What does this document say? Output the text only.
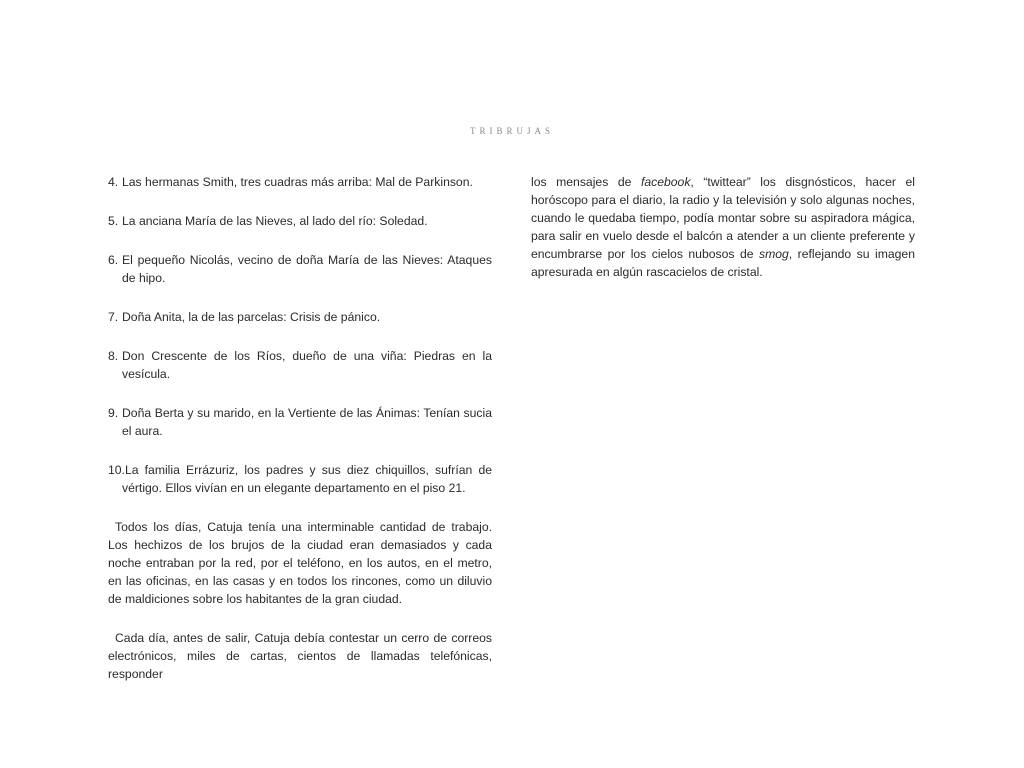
TRIBRUJAS

4. Las hermanas Smith, tres cuadras más arriba: Mal de Parkinson.

5. La anciana María de las Nieves, al lado del río: Soledad.

6. El pequeño Nicolás, vecino de doña María de las Nieves: Ataques de hipo.

7. Doña Anita, la de las parcelas: Crisis de pánico.

8. Don Crescente de los Ríos, dueño de una viña: Piedras en la vesícula.

9. Doña Berta y su marido, en la Vertiente de las Ánimas: Tenían sucia el aura.

10.La familia Errázuriz, los padres y sus diez chiquillos, sufrían de vértigo. Ellos vivían en un elegante departamento en el piso 21.

Todos los días, Catuja tenía una interminable cantidad de trabajo. Los hechizos de los brujos de la ciudad eran demasiados y cada noche entraban por la red, por el teléfono, en los autos, en el metro, en las oficinas, en las casas y en todos los rincones, como un diluvio de maldiciones sobre los habitantes de la gran ciudad.

Cada día, antes de salir, Catuja debía contestar un cerro de correos electrónicos, miles de cartas, cientos de llamadas telefónicas, responder

los mensajes de facebook, “twittear” los disgnósticos, hacer el horóscopo para el diario, la radio y la televisión y solo algunas noches, cuando le quedaba tiempo, podía montar sobre su aspiradora mágica, para salir en vuelo desde el balcón a atender a un cliente preferente y encumbrarse por los cielos nubosos de smog, reflejando su imagen apresurada en algún rascacielos de cristal.
